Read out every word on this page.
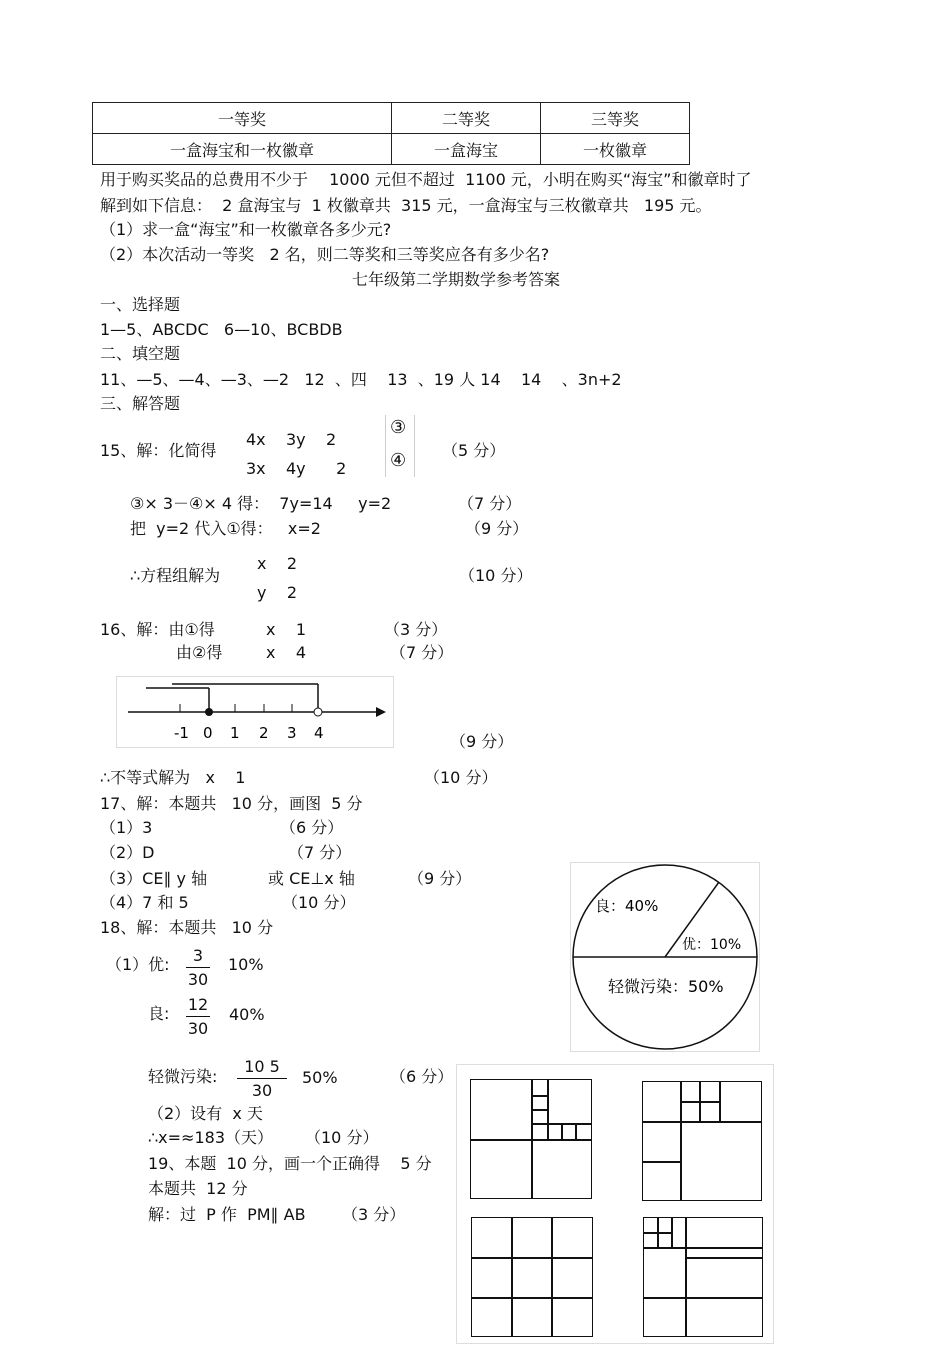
一等奖	二等奖	三等奖
一盒海宝和一枚徽章	一盒海宝	一枚徽章
用于购买奖品的总费用不少于　 1000 元但不超过  1100 元，小明在购买“海宝”和徽章时了
解到如下信息：  2 盒海宝与  1 枚徽章共  315 元，一盒海宝与三枚徽章共   195 元。
（1）求一盒“海宝”和一枚徽章各多少元?
（2）本次活动一等奖   2 名，则二等奖和三等奖应各有多少名?
七年级第二学期数学参考答案
一、选择题
1—5、ABCDC   6—10、BCBDB
二、填空题
11、—5、—4、—3、—2   12  、四    13  、19 人 14    14    、3n+2
三、解答题
15、解：化简得
4x    3y    2
3x    4y      2
③
④ （5 分）
③× 3－④× 4 得：  7y=14     y=2	（7 分）
把  y=2 代入①得：   x=2	（9 分）
∴方程组解为
x    2
y    2
（10 分）
16、解：由①得	x    1	（3 分）
由②得	x    4	（7 分）
-1 0 1 2 3 4	（9 分）
∴不等式解为   x    1	（10 分）
17、解：本题共   10 分，画图  5 分
（1）3	（6 分）
（2）D	（7 分）
（3）CE∥ y 轴	或 CE⊥x 轴	（9 分）
（4）7 和 5	（10 分）
18、解：本题共   10 分
（1）优:	3
30
10%
良: 12
30
40%
轻微污染:
10 5
30
50%	（6 分）
（2）设有  x 天
∴x=≈183（天） （10 分）
19、本题  10 分，画一个正确得    5 分
本题共  12 分
解：过  P 作  PM∥ AB （3 分）
良：40%
优：10%
轻微污染：50%
